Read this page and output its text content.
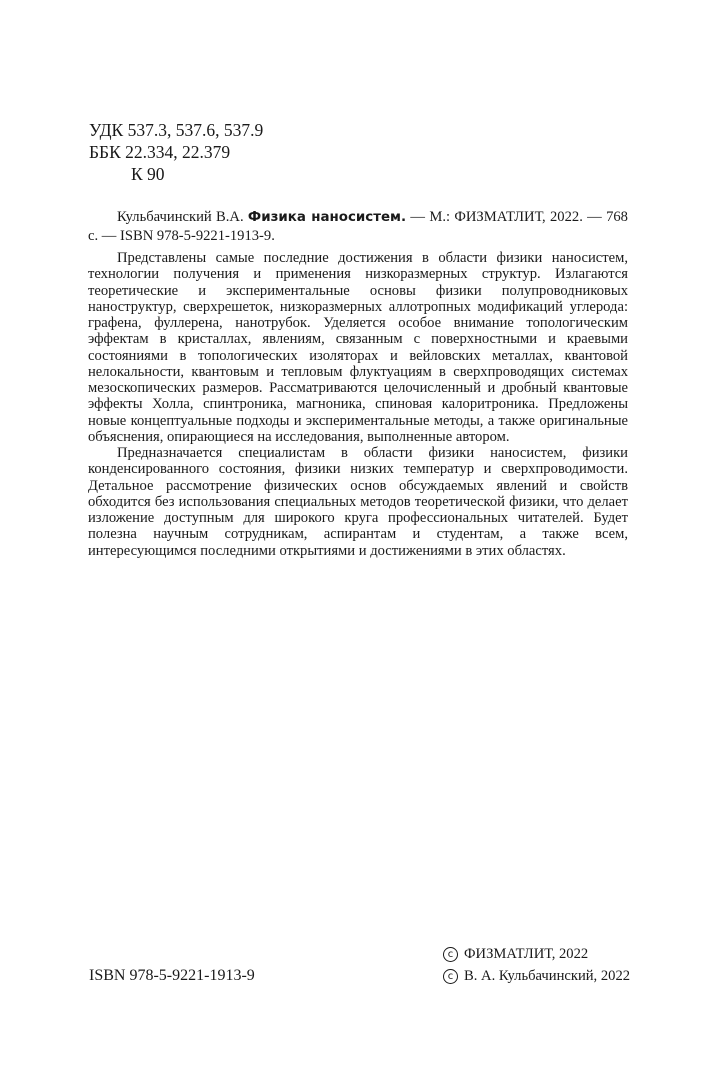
УДК 537.3, 537.6, 537.9
ББК 22.334, 22.379
К 90
Кульбачинский В.А. Физика наносистем. — М.: ФИЗМАТЛИТ, 2022. — 768 с. — ISBN 978-5-9221-1913-9.

Представлены самые последние достижения в области физики наносистем, технологии получения и применения низкоразмерных структур. Излагаются теоретические и экспериментальные основы физики полупроводниковых наноструктур, сверхрешеток, низкоразмерных аллотропных модификаций углерода: графена, фуллерена, нанотрубок. Уделяется особое внимание топологическим эффектам в кристаллах, явлениям, связанным с поверхностными и краевыми состояниями в топологических изоляторах и вейловских металлах, квантовой нелокальности, квантовым и тепловым флуктуациям в сверхпроводящих системах мезоскопических размеров. Рассматриваются целочисленный и дробный квантовые эффекты Холла, спинтроника, магноника, спиновая калоритроника. Предложены новые концептуальные подходы и экспериментальные методы, а также оригинальные объяснения, опирающиеся на исследования, выполненные автором.

Предназначается специалистам в области физики наносистем, физики конденсированного состояния, физики низких температур и сверхпроводимости. Детальное рассмотрение физических основ обсуждаемых явлений и свойств обходится без использования специальных методов теоретической физики, что делает изложение доступным для широкого круга профессиональных читателей. Будет полезна научным сотрудникам, аспирантам и студентам, а также всем, интересующимся последними открытиями и достижениями в этих областях.

c ФИЗМАТЛИТ, 2022
c В. А. Кульбачинский, 2022
ISBN 978-5-9221-1913-9
